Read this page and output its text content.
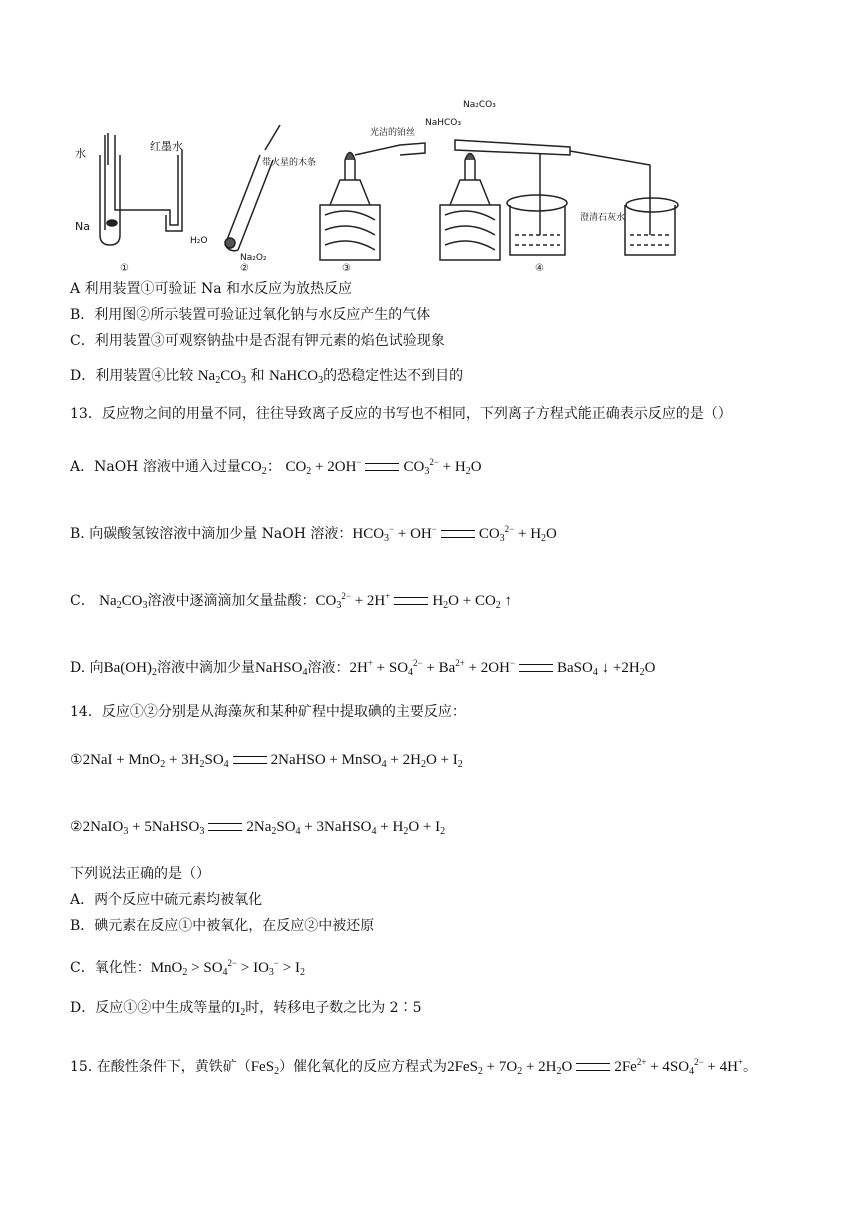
水
红墨水
Na
带火星的木条
H₂O
Na₂O₂
光洁的铂丝
NaHCO₃
Na₂CO₃
澄清石灰水
①	②	③	④
A 利用装置①可验证 Na 和水反应为放热反应
B．利用图②所示装置可验证过氧化钠与水反应产生的气体
C．利用装置③可观察钠盐中是否混有钾元素的焰色试验现象
D．利用装置④比较 $Na_2CO_3$ 和 NaHCO$_3$的恐稳定性达不到目的
13．反应物之间的用量不同，往往导致离子反应的书写也不相同，下列离子方程式能正确表示反应的是（）
A．NaOH 溶液中通入过量$CO_2$： $CO_2 + 2OH^-$	$CO_3^{2-} + H_2O$
B. 向碳酸氢铵溶液中滴加少量 NaOH 溶液：$HCO_3^- + OH^-$	$CO_3^{2-} + H_2O$
C． $Na_2CO_3$溶液中逐滴滴加攵量盐酸：$CO_3^{2-} + 2H^+$	$H_2O + CO_2$ ↑
D. 向$Ba(OH)_2$溶液中滴加少量NaHSO$_4$溶液：$2H^+ + SO_4^{2-} + Ba^{2+} + 2OH^-$	BaSO$_4$ ↓ $+2H_2O$
14．反应①②分别是从海藻灰和某种矿程中提取碘的主要反应：
①2NaI + $MnO_2 + 3H_2SO_4$	2NaHSO + MnSO$_4$ + $2H_2O + I_2$
②2NaIO$_3$ + 5NaHSO$_3$	$2Na_2SO_4$ + 3NaHSO$_4$ + $H_2O + I_2$
下列说法正确的是（）
A．两个反应中硫元素均被氧化
B．碘元素在反应①中被氧化，在反应②中被还原
C．氧化性：$MnO_2 > SO_4^{2-} > IO_3^- > I_2$
D．反应①②中生成等量的$I_2$时，转移电子数之比为 2∶5
15. 在酸性条件下，黄铁矿（FeS$_2$）催化氧化的反应方程式为$2FeS_2 + 7O_2 + 2H_2O$	$2Fe^{2+} + 4SO_4^{2-} + 4H^+$。
